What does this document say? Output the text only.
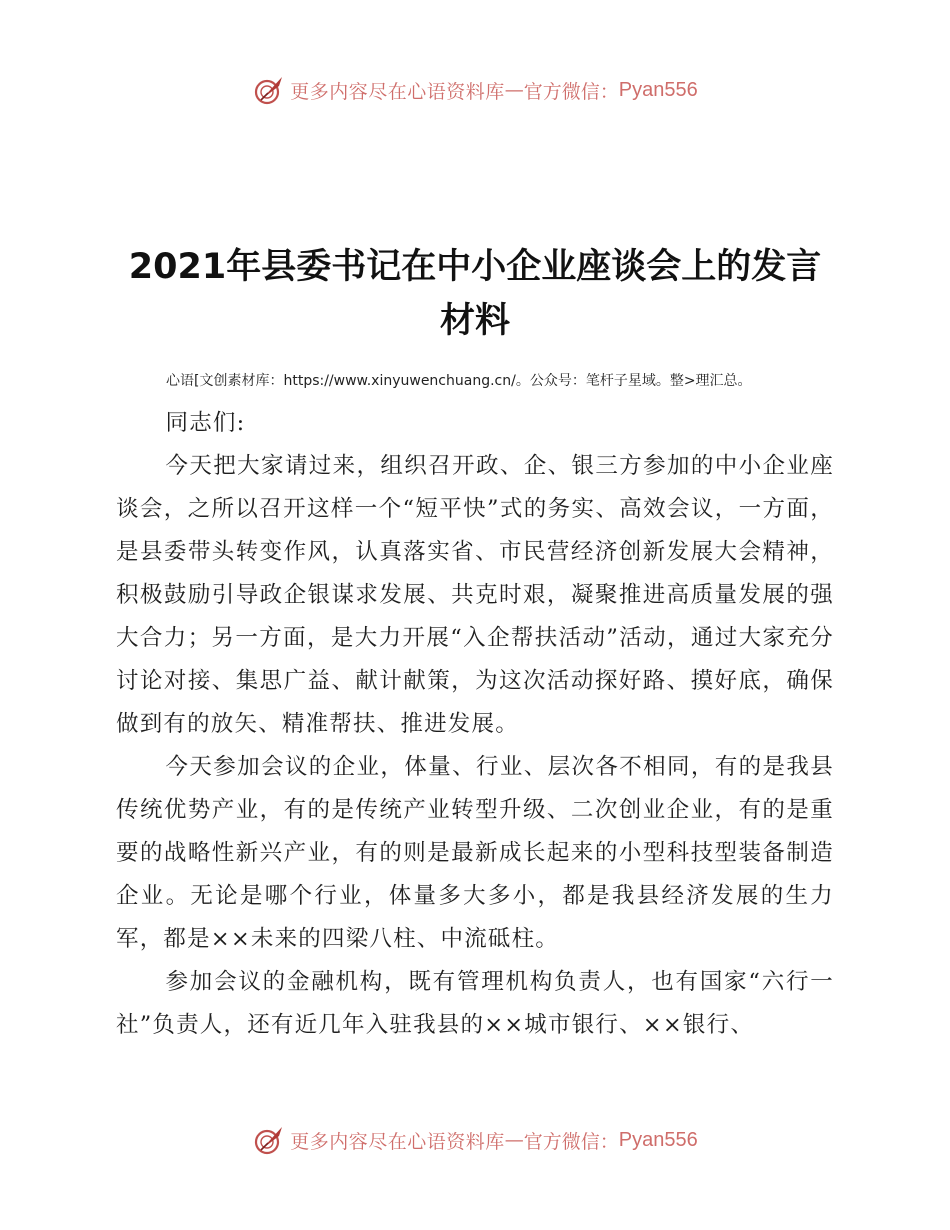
更多内容尽在心语资料库 — 官方微信： Pyan556
2021年县委书记在中小企业座谈会上的发言材料
心语[文创素材库：https://www.xinyuwenchuang.cn/。公众号：笔杆子星域。整>理汇总。

同志们:

今天把大家请过来，组织召开政、企、银三方参加的中小企业座谈会，之所以召开这样一个“短平快”式的务实、高效会议，一方面，是县委带头转变作风，认真落实省、市民营经济创新发展大会精神，积极鼓励引导政企银谋求发展、共克时艰，凝聚推进高质量发展的强大合力；另一方面，是大力开展“入企帮扶活动”活动，通过大家充分讨论对接、集思广益、献计献策，为这次活动探好路、摸好底，确保做到有的放矢、精准帮扶、推进发展。

今天参加会议的企业，体量、行业、层次各不相同，有的是我县传统优势产业，有的是传统产业转型升级、二次创业企业，有的是重要的战略性新兴产业，有的则是最新成长起来的小型科技型装备制造企业。无论是哪个行业，体量多大多小，都是我县经济发展的生力军，都是××未来的四梁八柱、中流砥柱。

参加会议的金融机构，既有管理机构负责人，也有国家“六行一社”负责人，还有近几年入驻我县的××城市银行、××银行、

更多内容尽在心语资料库 — 官方微信： Pyan556
